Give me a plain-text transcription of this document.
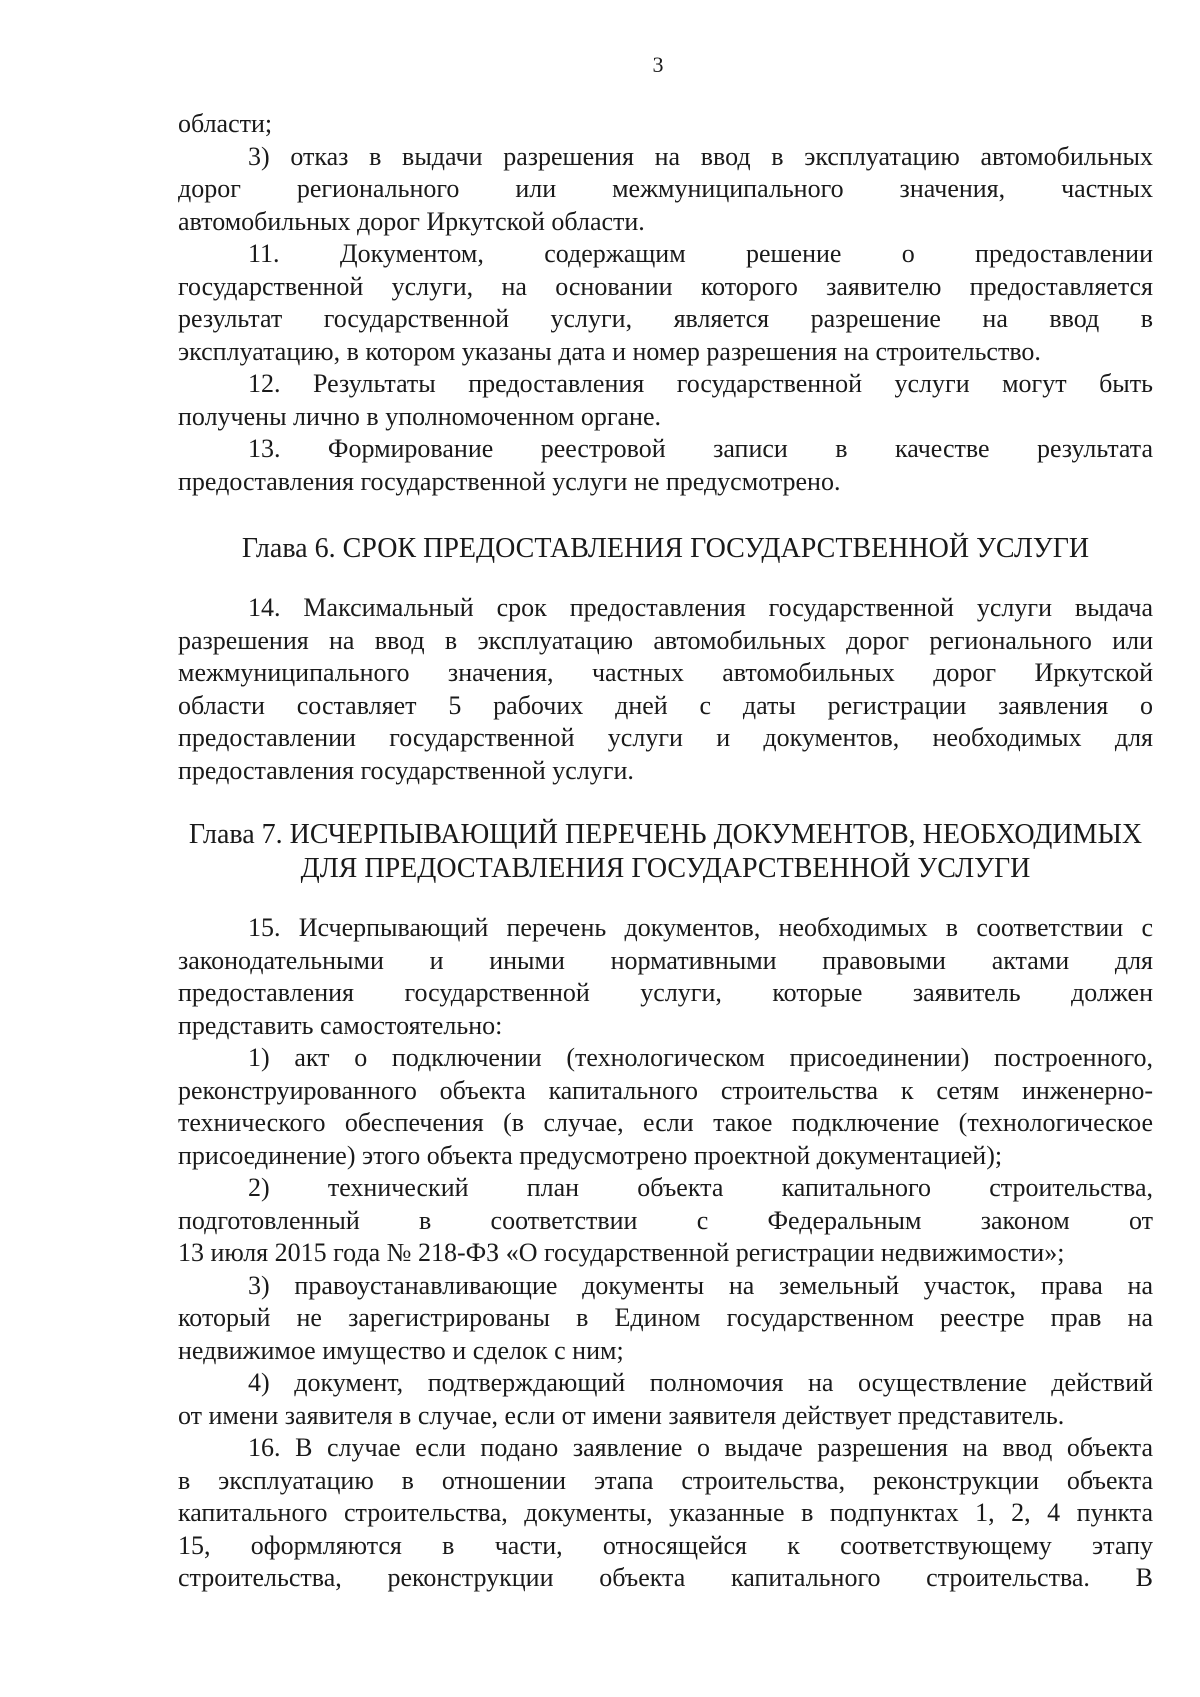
3
области;
3) отказ в выдачи разрешения на ввод в эксплуатацию автомобильных
дорог регионального или межмуниципального значения, частных
автомобильных дорог Иркутской области.
11. Документом, содержащим решение о предоставлении
государственной услуги, на основании которого заявителю предоставляется
результат государственной услуги, является разрешение на ввод в
эксплуатацию, в котором указаны дата и номер разрешения на строительство.
12. Результаты предоставления государственной услуги могут быть
получены лично в уполномоченном органе.
13. Формирование реестровой записи в качестве результата
предоставления государственной услуги не предусмотрено.
Глава 6. СРОК ПРЕДОСТАВЛЕНИЯ ГОСУДАРСТВЕННОЙ УСЛУГИ
14. Максимальный срок предоставления государственной услуги выдача
разрешения на ввод в эксплуатацию автомобильных дорог регионального или
межмуниципального значения, частных автомобильных дорог Иркутской
области составляет 5 рабочих дней с даты регистрации заявления о
предоставлении государственной услуги и документов, необходимых для
предоставления государственной услуги.
Глава 7. ИСЧЕРПЫВАЮЩИЙ ПЕРЕЧЕНЬ ДОКУМЕНТОВ, НЕОБХОДИМЫХ
ДЛЯ ПРЕДОСТАВЛЕНИЯ ГОСУДАРСТВЕННОЙ УСЛУГИ
15. Исчерпывающий перечень документов, необходимых в соответствии с
законодательными и иными нормативными правовыми актами для
предоставления государственной услуги, которые заявитель должен
представить самостоятельно:
1) акт о подключении (технологическом присоединении) построенного,
реконструированного объекта капитального строительства к сетям инженерно-
технического обеспечения (в случае, если такое подключение (технологическое
присоединение) этого объекта предусмотрено проектной документацией);
2) технический план объекта капитального строительства,
подготовленный в соответствии с Федеральным законом от
13 июля 2015 года № 218-ФЗ «О государственной регистрации недвижимости»;
3) правоустанавливающие документы на земельный участок, права на
который не зарегистрированы в Едином государственном реестре прав на
недвижимое имущество и сделок с ним;
4) документ, подтверждающий полномочия на осуществление действий
от имени заявителя в случае, если от имени заявителя действует представитель.
16. В случае если подано заявление о выдаче разрешения на ввод объекта
в эксплуатацию в отношении этапа строительства, реконструкции объекта
капитального строительства, документы, указанные в подпунктах 1, 2, 4 пункта
15, оформляются в части, относящейся к соответствующему этапу
строительства, реконструкции объекта капитального строительства. В
